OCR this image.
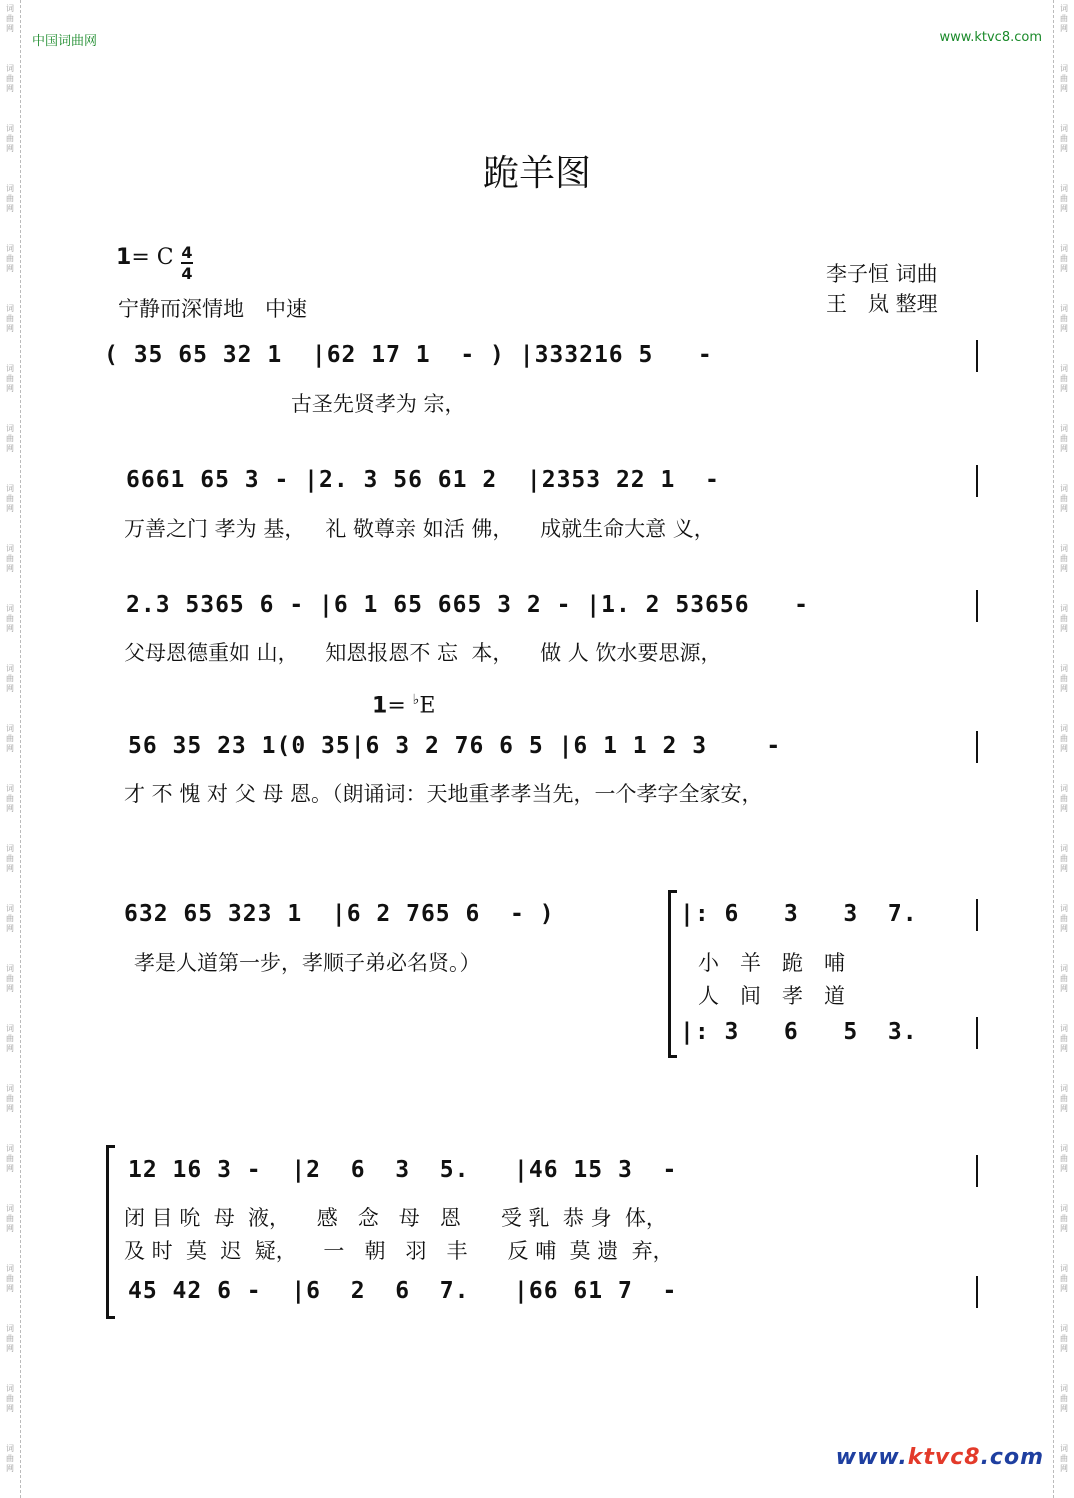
词
曲
网
词
曲
网
词
曲
网
词
曲
网
词
曲
网
词
曲
网
词
曲
网
词
曲
网
词
曲
网
词
曲
网
词
曲
网
词
曲
网
词
曲
网
词
曲
网
词
曲
网
词
曲
网
词
曲
网
词
曲
网
词
曲
网
词
曲
网
词
曲
网
词
曲
网
词
曲
网
词
曲
网
词
曲
网
词
曲
网
词
曲
网
词
曲
网
词
曲
网
词
曲
网
词
曲
网
词
曲
网
词
曲
网
词
曲
网
词
曲
网
词
曲
网
词
曲
网
词
曲
网
词
曲
网
词
曲
网
词
曲
网
词
曲
网
词
曲
网
词
曲
网
词
曲
网
词
曲
网
词
曲
网
词
曲
网
词
曲
网
词
曲
网
中国词曲网	www.ktvc8.com
跪羊图
1= C 4
4
宁静而深情地　中速
李子恒 词曲
王　岚 整理
( 35 65 32 1  |62 17 1  - ) |333216 5   -
古圣先贤孝为 宗，
6661 65 3 - |2. 3 56 61 2  |2353 22 1  -
万善之门 孝为 基，   礼 敬尊亲 如活 佛，    成就生命大意 义，
2.3 5365 6 - |6 1 65 665 3 2 - |1. 2 53656   -
父母恩德重如 山，    知恩报恩不 忘  本，    做 人 饮水要思源，
1= ♭E
56 35 23 1(0 35|6 3 2 76 6 5 |6 1 1 2 3    -
才 不 愧 对 父 母 恩。（朗诵词：天地重孝孝当先，一个孝字全家安，
632 65 323 1  |6 2 765 6  - )
孝是人道第一步，孝顺子弟必名贤。）
|: 6   3   3  7.
小　羊　跪　哺
人　间　孝　道
|: 3   6   5  3.
12 16 3 -  |2  6  3  5.   |46 15 3  -
闭 目 吮  母  液，    感   念   母   恩      受 乳  恭 身  体，
及 时  莫  迟  疑，    一   朝   羽   丰      反 哺  莫 遗  弃，
45 42 6 -  |6  2  6  7.   |66 61 7  -
www.ktvc8.com
